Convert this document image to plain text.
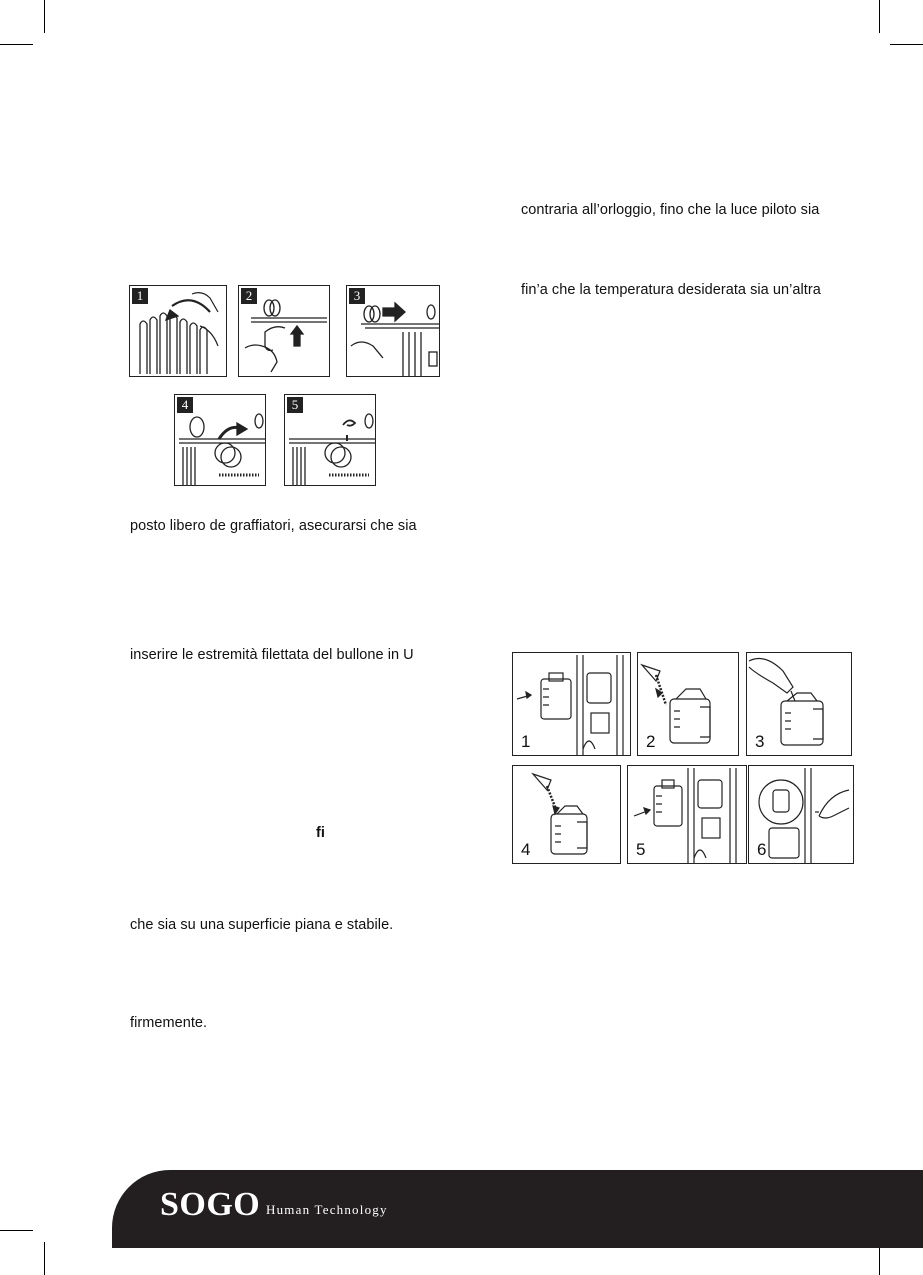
contraria all’orloggio, fino che la luce piloto sia
fin’a che la temperatura desiderata sia un’altra
posto libero de graffiatori, asecurarsi che sia
inserire le estremità filettata del bullone in U
fi
che sia su una superficie piana e stabile.
firmemente.
1	2	3
4	5
1	2	3
4	5	6
SOGO Human Technology
